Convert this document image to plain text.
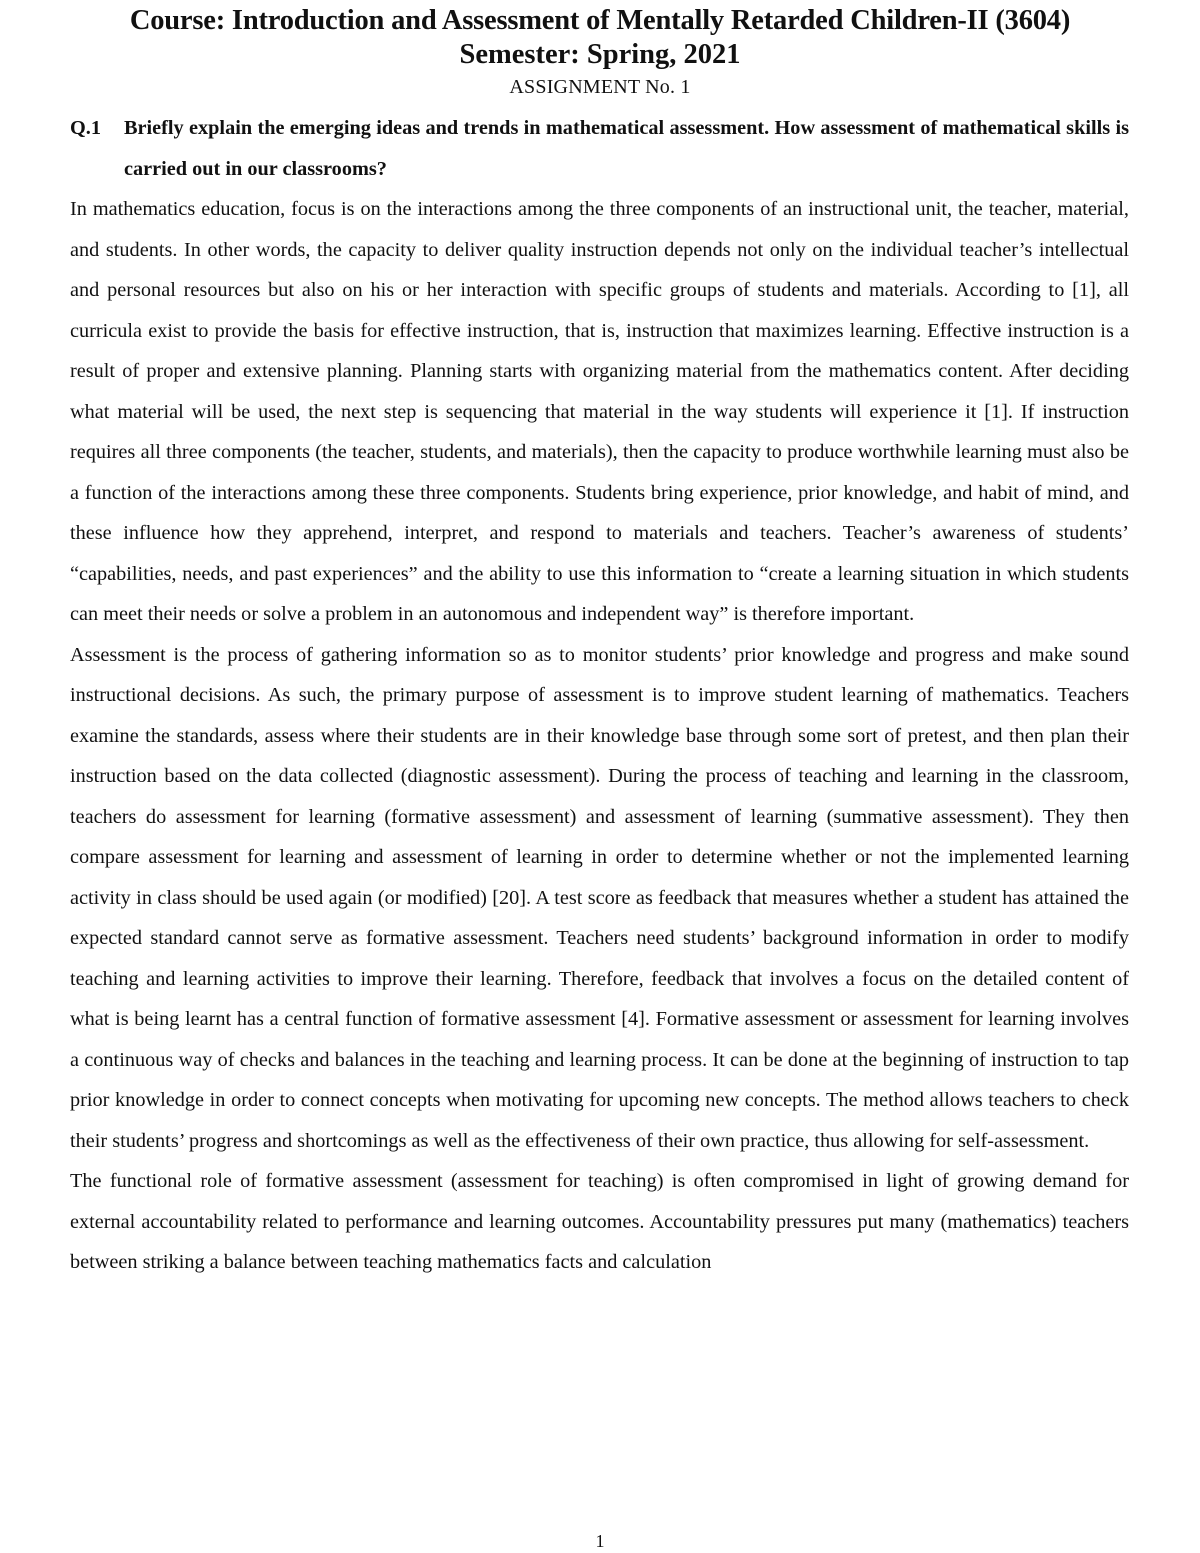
Course: Introduction and Assessment of Mentally Retarded Children-II (3604)

Semester: Spring, 2021

ASSIGNMENT No. 1

Q.1	Briefly explain the emerging ideas and trends in mathematical assessment. How assessment of mathematical skills is carried out in our classrooms?

In mathematics education, focus is on the interactions among the three components of an instructional unit, the teacher, material, and students. In other words, the capacity to deliver quality instruction depends not only on the individual teacher’s intellectual and personal resources but also on his or her interaction with specific groups of students and materials. According to [1], all curricula exist to provide the basis for effective instruction, that is, instruction that maximizes learning. Effective instruction is a result of proper and extensive planning. Planning starts with organizing material from the mathematics content. After deciding what material will be used, the next step is sequencing that material in the way students will experience it [1]. If instruction requires all three components (the teacher, students, and materials), then the capacity to produce worthwhile learning must also be a function of the interactions among these three components. Students bring experience, prior knowledge, and habit of mind, and these influence how they apprehend, interpret, and respond to materials and teachers. Teacher’s awareness of students’ “capabilities, needs, and past experiences” and the ability to use this information to “create a learning situation in which students can meet their needs or solve a problem in an autonomous and independent way” is therefore important.

Assessment is the process of gathering information so as to monitor students’ prior knowledge and progress and make sound instructional decisions. As such, the primary purpose of assessment is to improve student learning of mathematics. Teachers examine the standards, assess where their students are in their knowledge base through some sort of pretest, and then plan their instruction based on the data collected (diagnostic assessment). During the process of teaching and learning in the classroom, teachers do assessment for learning (formative assessment) and assessment of learning (summative assessment). They then compare assessment for learning and assessment of learning in order to determine whether or not the implemented learning activity in class should be used again (or modified) [20]. A test score as feedback that measures whether a student has attained the expected standard cannot serve as formative assessment. Teachers need students’ background information in order to modify teaching and learning activities to improve their learning. Therefore, feedback that involves a focus on the detailed content of what is being learnt has a central function of formative assessment [4]. Formative assessment or assessment for learning involves a continuous way of checks and balances in the teaching and learning process. It can be done at the beginning of instruction to tap prior knowledge in order to connect concepts when motivating for upcoming new concepts. The method allows teachers to check their students’ progress and shortcomings as well as the effectiveness of their own practice, thus allowing for self-assessment.

The functional role of formative assessment (assessment for teaching) is often compromised in light of growing demand for external accountability related to performance and learning outcomes. Accountability pressures put many (mathematics) teachers between striking a balance between teaching mathematics facts and calculation

1
